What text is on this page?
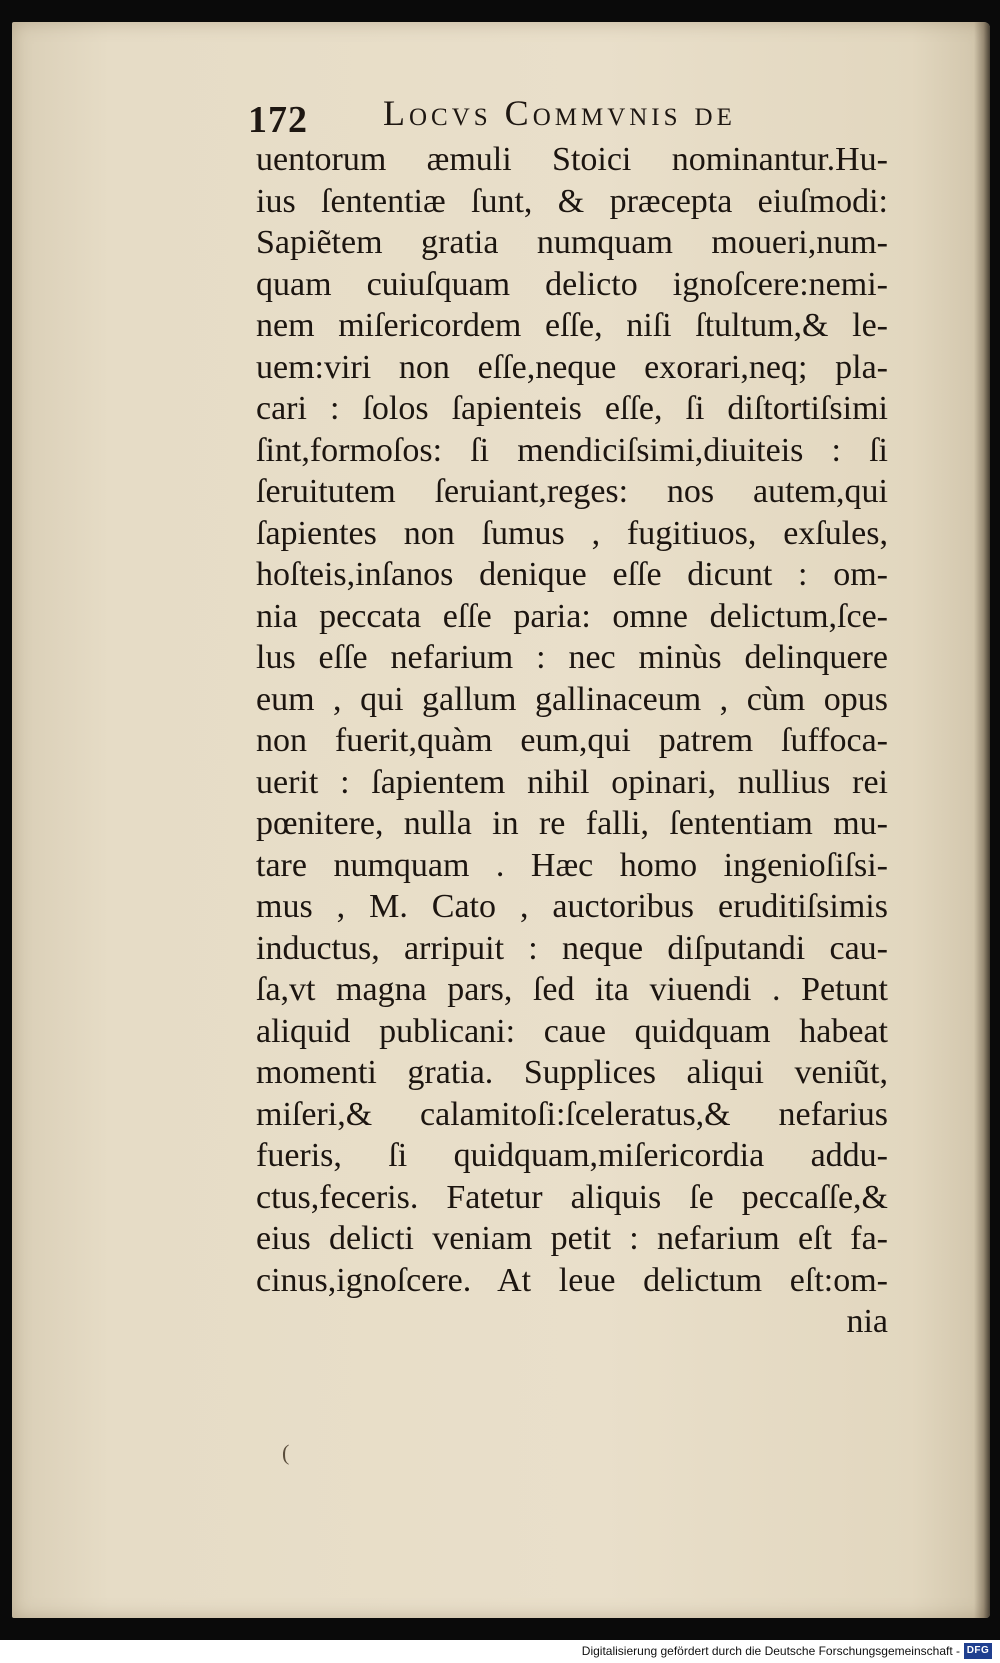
172 Locvs Commvnis de
uentorum æmuli Stoici nominantur.Hu-
ius ſententiæ ſunt, & præcepta eiuſmodi:
Sapiẽtem gratia numquam moueri,num-
quam cuiuſquam delicto ignoſcere:nemi-
nem miſericordem eſſe, niſi ſtultum,& le-
uem:viri non eſſe,neque exorari,neq; pla-
cari : ſolos ſapienteis eſſe, ſi diſtortiſsimi
ſint,formoſos: ſi mendiciſsimi,diuiteis : ſi
ſeruitutem ſeruiant,reges: nos autem,qui
ſapientes non ſumus , fugitiuos, exſules,
hoſteis,inſanos denique eſſe dicunt : om-
nia peccata eſſe paria: omne delictum,ſce-
lus eſſe nefarium : nec minùs delinquere
eum , qui gallum gallinaceum , cùm opus
non fuerit,quàm eum,qui patrem ſuffoca-
uerit : ſapientem nihil opinari, nullius rei
pœnitere, nulla in re falli, ſententiam mu-
tare numquam . Hæc homo ingenioſiſsi-
mus , M. Cato , auctoribus eruditiſsimis
inductus, arripuit : neque diſputandi cau-
ſa,vt magna pars, ſed ita viuendi . Petunt
aliquid publicani: caue quidquam habeat
momenti gratia. Supplices aliqui veniũt,
miſeri,& calamitoſi:ſceleratus,& nefarius
fueris, ſi quidquam,miſericordia addu-
ctus,feceris. Fatetur aliquis ſe peccaſſe,&
eius delicti veniam petit : nefarium eſt fa-
cinus,ignoſcere. At leue delictum eſt:om-
nia
(
Digitalisierung gefördert durch die Deutsche Forschungsgemeinschaft - DFG
